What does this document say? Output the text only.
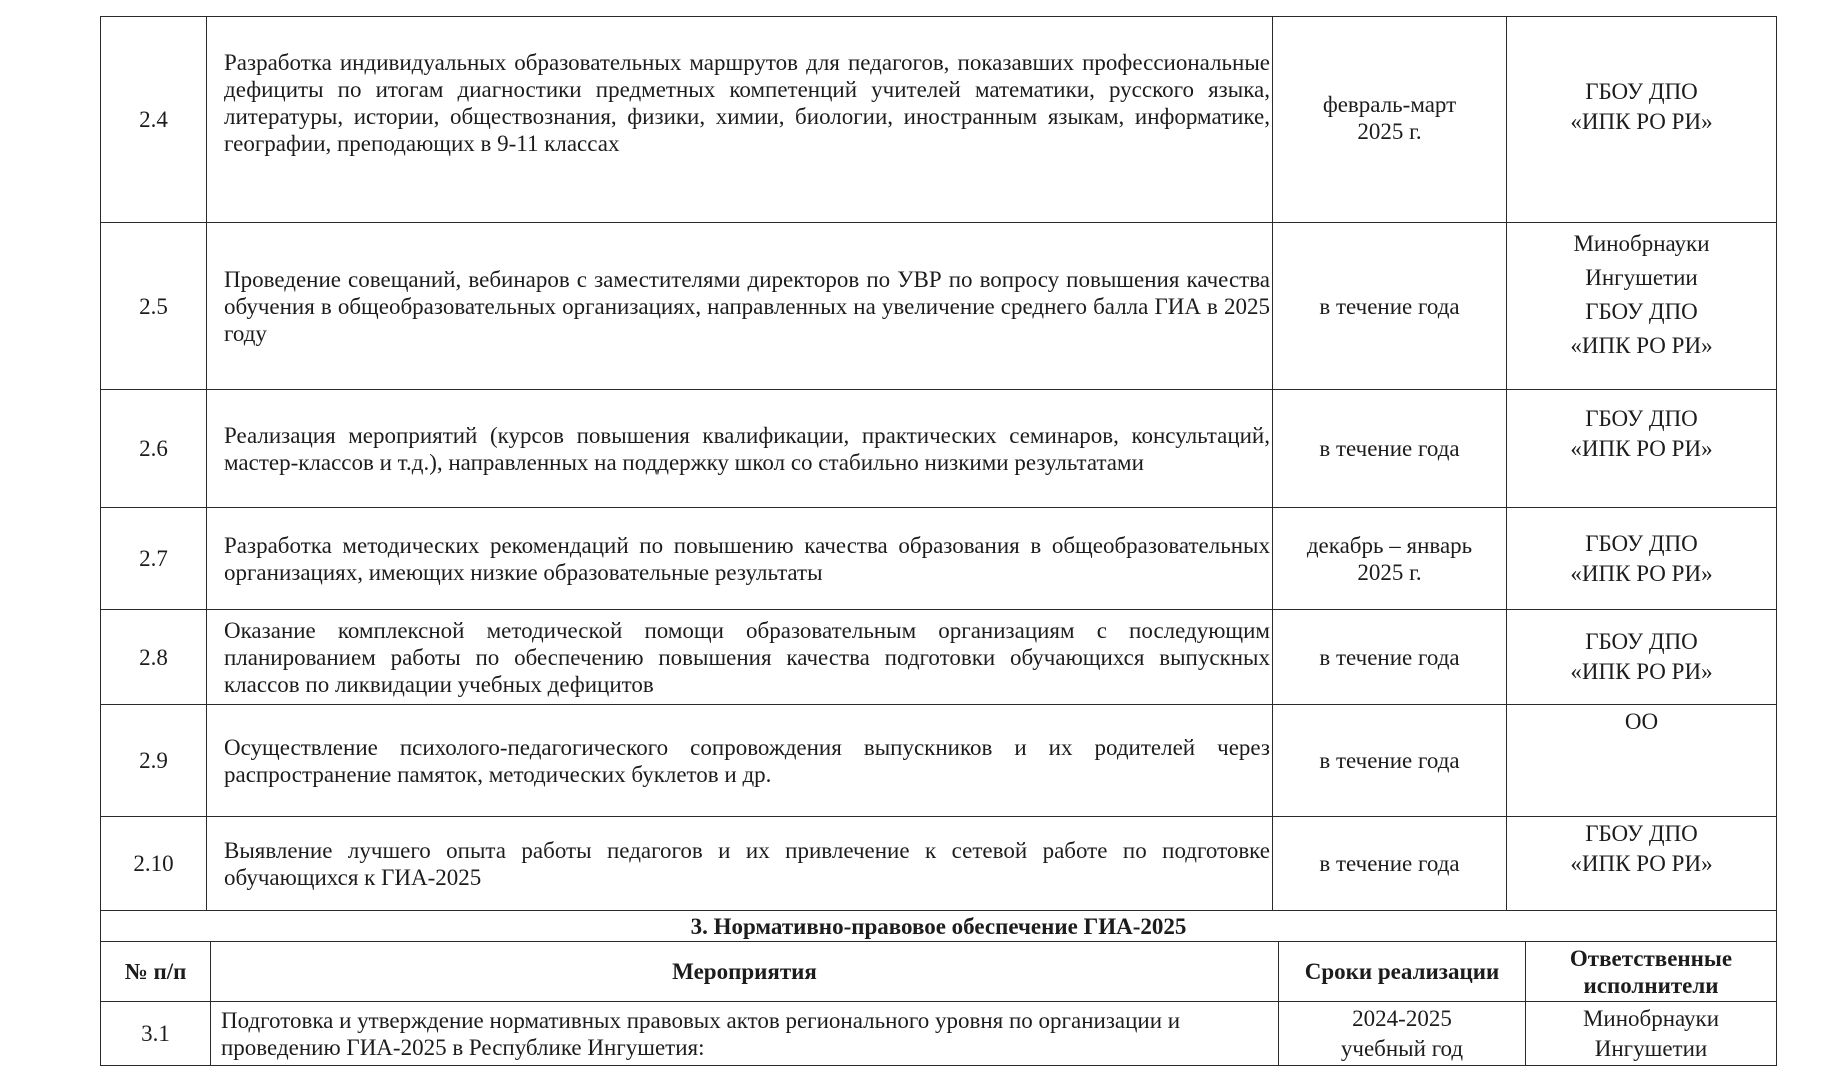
2.4	Разработка индивидуальных образовательных маршрутов для педагогов, показавших профессиональные дефициты по итогам диагностики предметных компетенций учителей математики, русского языка, литературы, истории, обществознания, физики, химии, биологии, иностранным языкам, информатике, географии, преподающих в 9-11 классах	февраль-март
2025 г.	ГБОУ ДПО
«ИПК РО РИ»

2.5	Проведение совещаний, вебинаров с заместителями директоров по УВР по вопросу повышения качества обучения в общеобразовательных организациях, направленных на увеличение среднего балла ГИА в 2025 году	в течение года	Минобрнауки
Ингушетии
ГБОУ ДПО
«ИПК РО РИ»

2.6	Реализация мероприятий (курсов повышения квалификации, практических семинаров, консультаций, мастер-классов и т.д.), направленных на поддержку школ со стабильно низкими результатами	в течение года	ГБОУ ДПО
«ИПК РО РИ»

2.7	Разработка методических рекомендаций по повышению качества образования в общеобразовательных организациях, имеющих низкие образовательные результаты	декабрь – январь
2025 г.	ГБОУ ДПО
«ИПК РО РИ»

2.8	Оказание комплексной методической помощи образовательным организациям с последующим планированием работы по обеспечению повышения качества подготовки обучающихся выпускных классов по ликвидации учебных дефицитов	в течение года	ГБОУ ДПО
«ИПК РО РИ»

2.9	Осуществление психолого-педагогического сопровождения выпускников и их родителей через распространение памяток, методических буклетов и др.	в течение года	ОО

2.10	Выявление лучшего опыта работы педагогов и их привлечение к сетевой работе по подготовке обучающихся к ГИА-2025	в течение года	ГБОУ ДПО
«ИПК РО РИ»
3. Нормативно-правовое обеспечение ГИА-2025			
№ п/п	Мероприятия	Сроки реализации	Ответственные исполнители
3.1	Подготовка и утверждение нормативных правовых актов регионального уровня по организации и проведению ГИА-2025 в Республике Ингушетия:	2024-2025
учебный год	Минобрнауки
Ингушетии
